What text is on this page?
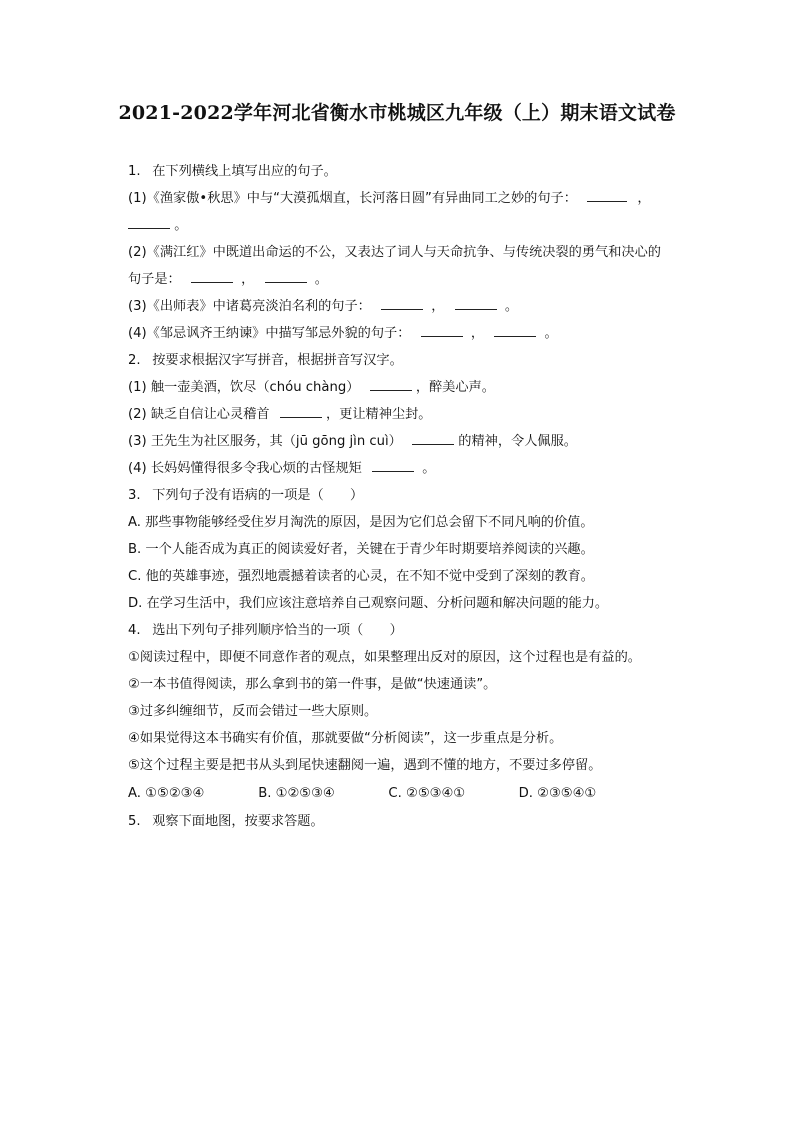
2021-2022学年河北省衡水市桃城区九年级（上）期末语文试卷
1. 在下列横线上填写出应的句子。
(1)《渔家傲•秋思》中与“大漠孤烟直，长河落日圆”有异曲同工之妙的句子：	，
。
(2)《满江红》中既道出命运的不公，又表达了词人与天命抗争、与传统决裂的勇气和决心的
句子是：	，	。
(3)《出师表》中诸葛亮淡泊名利的句子：	，	。
(4)《邹忌讽齐王纳谏》中描写邹忌外貌的句子：	，	。
2. 按要求根据汉字写拼音，根据拼音写汉字。
(1) 触一壶美酒，饮尽（chóu chàng）	，醉美心声。
(2) 缺乏自信让心灵稽首	，更让精神尘封。
(3) 王先生为社区服务，其（jū gōng jìn cuì）	的精神，令人佩服。
(4) 长妈妈懂得很多令我心烦的古怪规矩	。
3. 下列句子没有语病的一项是（　　）
A. 那些事物能够经受住岁月淘洗的原因，是因为它们总会留下不同凡响的价值。
B. 一个人能否成为真正的阅读爱好者，关键在于青少年时期要培养阅读的兴趣。
C. 他的英雄事迹，强烈地震撼着读者的心灵，在不知不觉中受到了深刻的教育。
D. 在学习生活中，我们应该注意培养自己观察问题、分析问题和解决问题的能力。
4. 选出下列句子排列顺序恰当的一项（　　）
①阅读过程中，即便不同意作者的观点，如果整理出反对的原因，这个过程也是有益的。
②一本书值得阅读，那么拿到书的第一件事，是做“快速通读”。
③过多纠缠细节，反而会错过一些大原则。
④如果觉得这本书确实有价值，那就要做“分析阅读”，这一步重点是分析。
⑤这个过程主要是把书从头到尾快速翻阅一遍，遇到不懂的地方，不要过多停留。
A. ①⑤②③④	B. ①②⑤③④	C. ②⑤③④①	D. ②③⑤④①
5. 观察下面地图，按要求答题。
